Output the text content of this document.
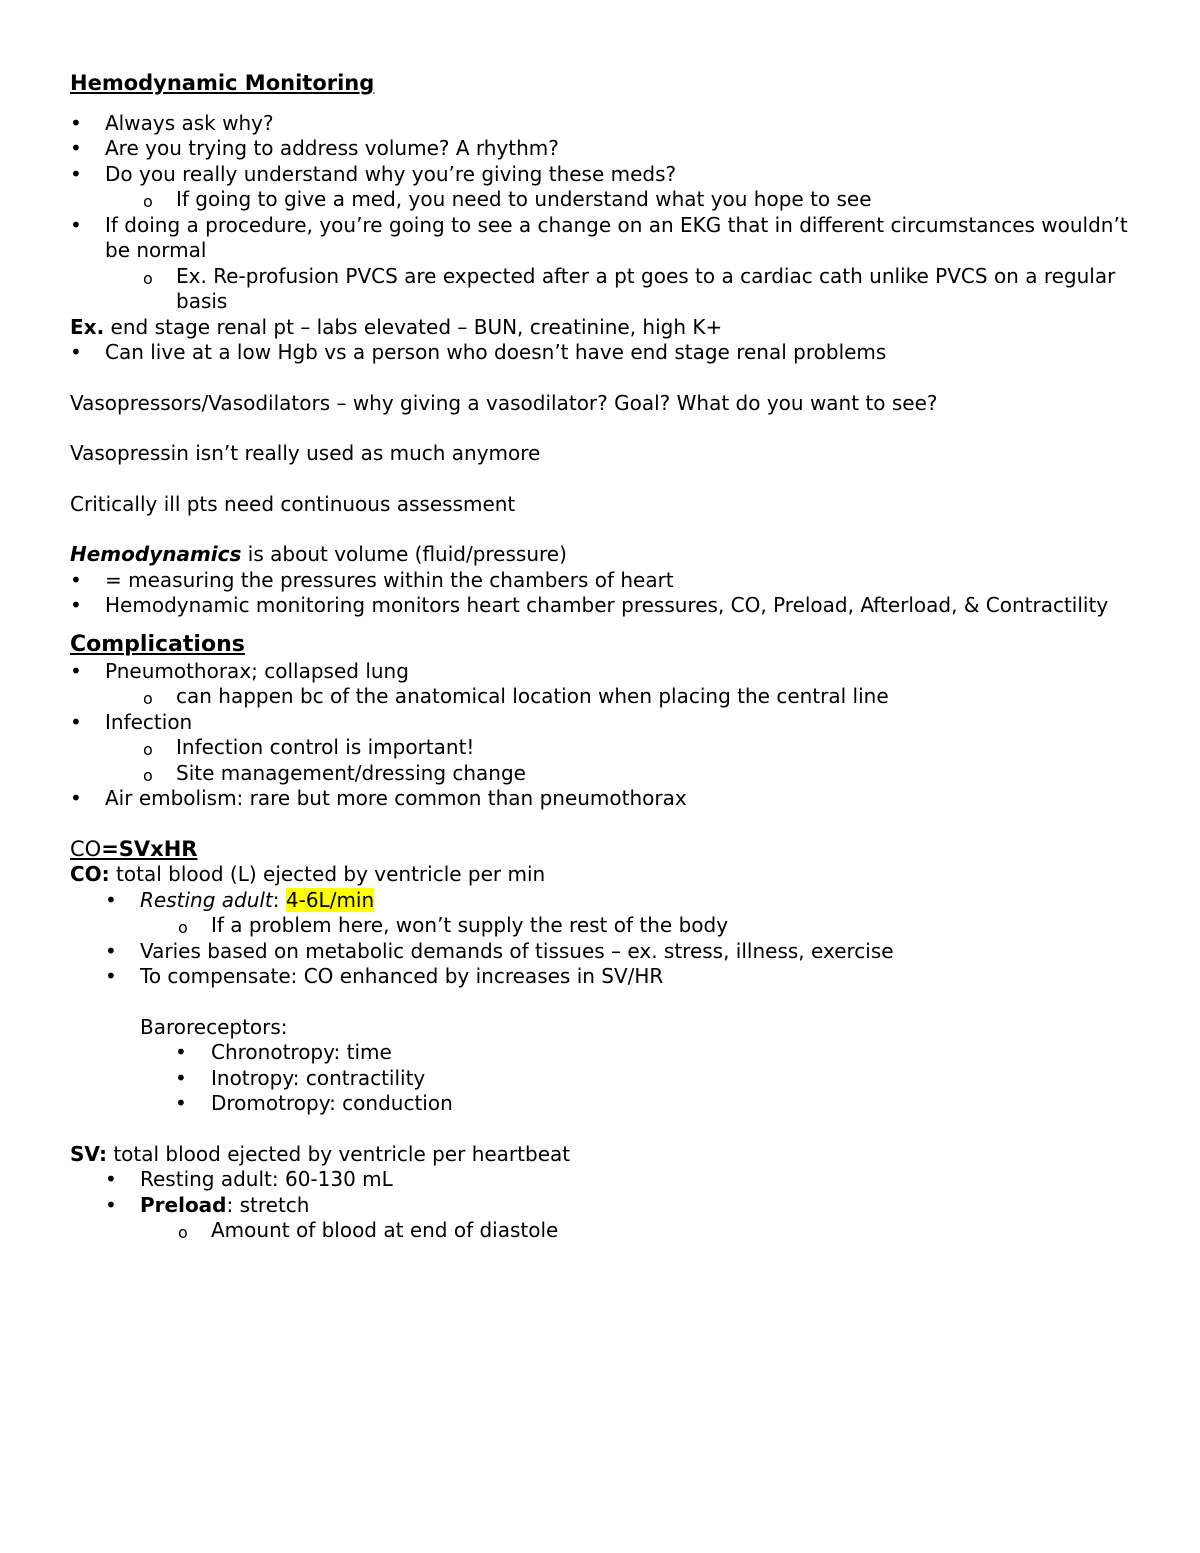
Hemodynamic Monitoring

• Always ask why?
• Are you trying to address volume? A rhythm?
• Do you really understand why you’re giving these meds?
o If going to give a med, you need to understand what you hope to see
• If doing a procedure, you’re going to see a change on an EKG that in different circumstances wouldn’t be normal
o Ex. Re-profusion PVCS are expected after a pt goes to a cardiac cath unlike PVCS on a regular basis

Ex. end stage renal pt – labs elevated – BUN, creatinine, high K+

• Can live at a low Hgb vs a person who doesn’t have end stage renal problems

Vasopressors/Vasodilators – why giving a vasodilator? Goal? What do you want to see?

Vasopressin isn’t really used as much anymore

Critically ill pts need continuous assessment

Hemodynamics is about volume (fluid/pressure)

• = measuring the pressures within the chambers of heart
• Hemodynamic monitoring monitors heart chamber pressures, CO, Preload, Afterload, & Contractility

Complications

• Pneumothorax; collapsed lung
o can happen bc of the anatomical location when placing the central line
• Infection
o Infection control is important!
o Site management/dressing change
• Air embolism: rare but more common than pneumothorax

CO=SVxHR

CO: total blood (L) ejected by ventricle per min

• Resting adult: 4-6L/min
o If a problem here, won’t supply the rest of the body
• Varies based on metabolic demands of tissues – ex. stress, illness, exercise
• To compensate: CO enhanced by increases in SV/HR

Baroreceptors:

• Chronotropy: time
• Inotropy: contractility
• Dromotropy: conduction

SV: total blood ejected by ventricle per heartbeat

• Resting adult: 60-130 mL
• Preload: stretch
o Amount of blood at end of diastole
